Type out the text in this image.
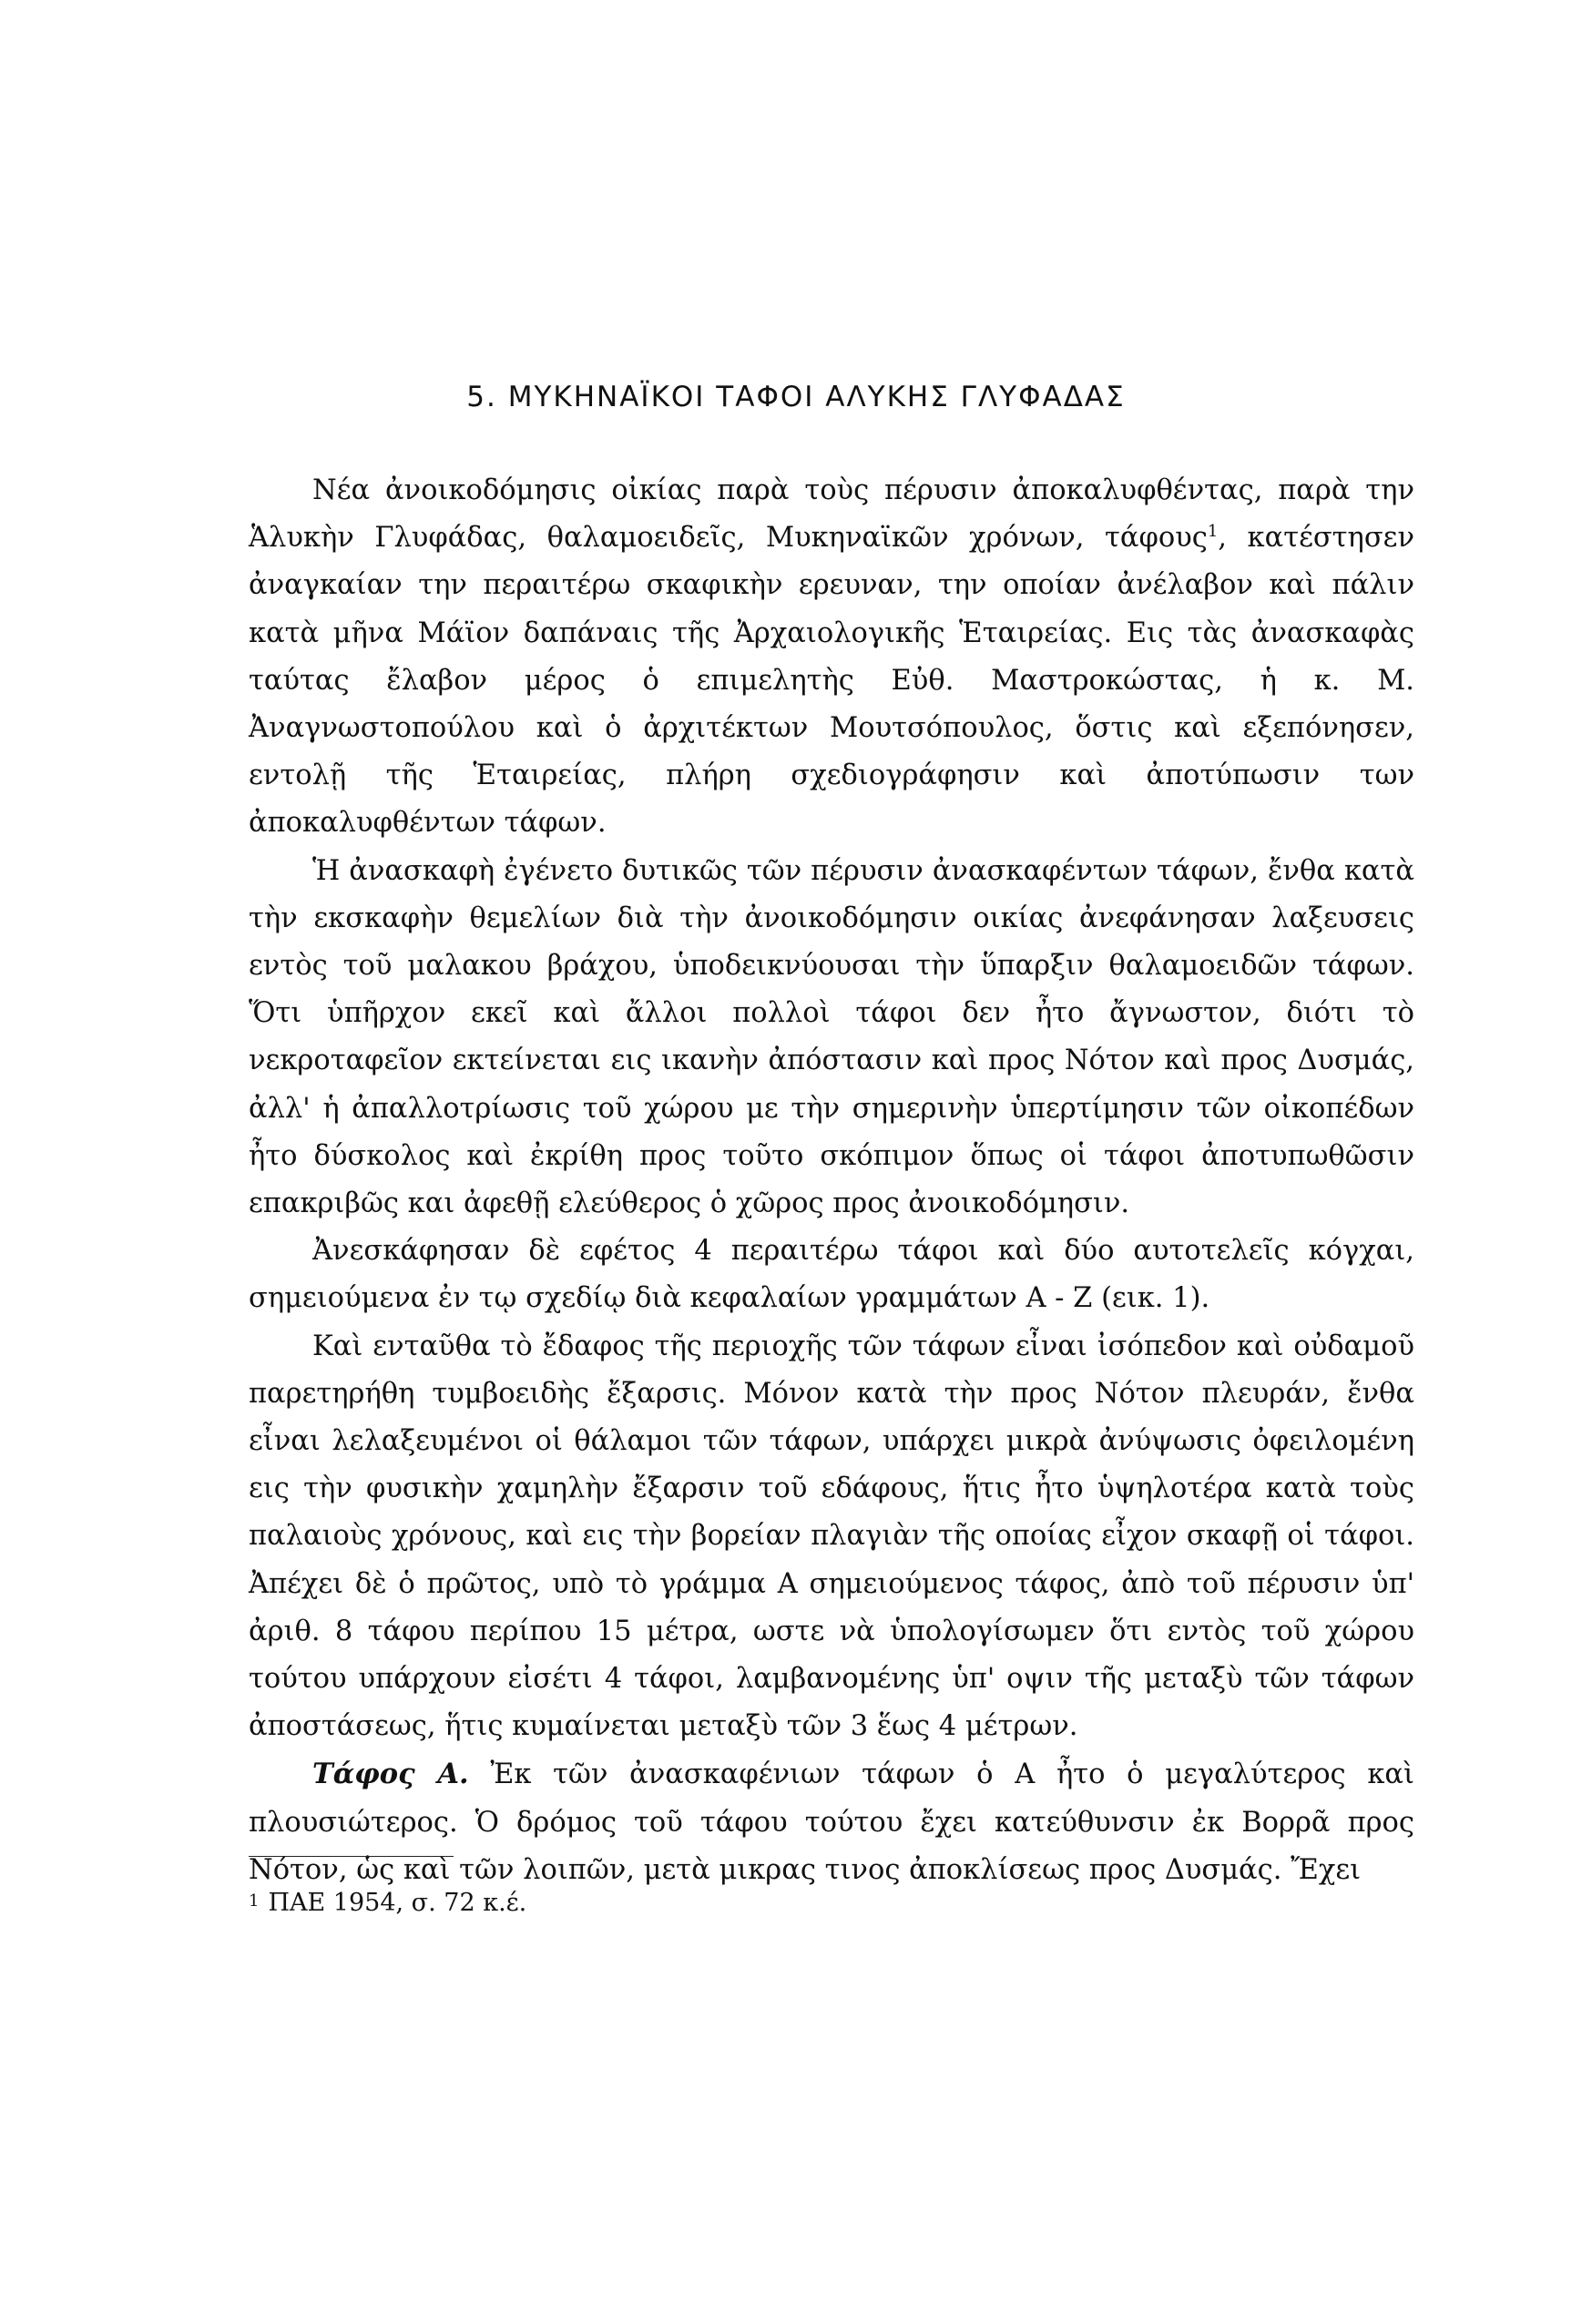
5. ΜΥΚΗΝΑΪΚΟΙ ΤΑΦΟΙ ΑΛΥΚΗΣ ΓΛΥΦΑΔΑΣ

Νέα ἀνοικοδόμησις οἰκίας παρὰ τοὺς πέρυσιν ἀποκαλυφθέντας, παρὰ την Ἁλυκὴν Γλυφάδας, θαλαμοειδεῖς, Μυκηναϊκῶν χρόνων, τάφους$^1$, κατέστησεν ἀναγκαίαν την περαιτέρω σκαφικὴν ερευναν, την οποίαν ἀνέλαβον καὶ πάλιν κατὰ μῆνα Μάϊον δαπάναις τῆς Ἀρχαιολογικῆς Ἑταιρείας. Εις τὰς ἀνασκαφὰς ταύτας ἔλαβον μέρος ὁ επιμελητὴς Εὐθ. Μαστροκώστας, ἡ κ. Μ. Ἀναγνωστοπούλου καὶ ὁ ἀρχιτέκτων Μουτσόπουλος, ὅστις καὶ εξεπόνησεν, εντολῇ τῆς Ἑταιρείας, πλήρη σχεδιογράφησιν καὶ ἀποτύπωσιν των ἀποκαλυφθέντων τάφων.

Ἡ ἀνασκαφὴ ἐγένετο δυτικῶς τῶν πέρυσιν ἀνασκαφέντων τάφων, ἔνθα κατὰ τὴν εκσκαφὴν θεμελίων διὰ τὴν ἀνοικοδόμησιν οικίας ἀνεφάνησαν λαξευσεις εντὸς τοῦ μαλακου βράχου, ὑποδεικνύουσαι τὴν ὕπαρξιν θαλαμοειδῶν τάφων. Ὅτι ὑπῆρχον εκεῖ καὶ ἄλλοι πολλοὶ τάφοι δεν ἦτο ἄγνωστον, διότι τὸ νεκροταφεῖον εκτείνεται εις ικανὴν ἀπόστασιν καὶ προς Νότον καὶ προς Δυσμάς, ἀλλ' ἡ ἀπαλλοτρίωσις τοῦ χώρου με τὴν σημερινὴν ὑπερτίμησιν τῶν οἰκοπέδων ἦτο δύσκολος καὶ ἐκρίθη προς τοῦτο σκόπιμον ὅπως οἱ τάφοι ἀποτυπωθῶσιν επακριβῶς και ἀφεθῇ ελεύθερος ὁ χῶρος προς ἀνοικοδόμησιν.

Ἀνεσκάφησαν δὲ εφέτος 4 περαιτέρω τάφοι καὶ δύο αυτοτελεῖς κόγχαι, σημειούμενα ἐν τῳ σχεδίῳ διὰ κεφαλαίων γραμμάτων Α - Ζ (εικ. 1).

Καὶ ενταῦθα τὸ ἔδαφος τῆς περιοχῆς τῶν τάφων εἶναι ἰσόπεδον καὶ οὐδαμοῦ παρετηρήθη τυμβοειδὴς ἔξαρσις. Μόνον κατὰ τὴν προς Νότον πλευράν, ἔνθα εἶναι λελαξευμένοι οἱ θάλαμοι τῶν τάφων, υπάρχει μικρὰ ἀνύψωσις ὀφειλομένη εις τὴν φυσικὴν χαμηλὴν ἔξαρσιν τοῦ εδάφους, ἥτις ἦτο ὑψηλοτέρα κατὰ τοὺς παλαιοὺς χρόνους, καὶ εις τὴν βορείαν πλαγιὰν τῆς οποίας εἶχον σκαφῇ οἱ τάφοι. Ἀπέχει δὲ ὁ πρῶτος, υπὸ τὸ γράμμα Α σημειούμενος τάφος, ἀπὸ τοῦ πέρυσιν ὑπ' ἀριθ. 8 τάφου περίπου 15 μέτρα, ωστε νὰ ὑπολογίσωμεν ὅτι εντὸς τοῦ χώρου τούτου υπάρχουν εἰσέτι 4 τάφοι, λαμβανομένης ὑπ' οψιν τῆς μεταξὺ τῶν τάφων ἀποστάσεως, ἥτις κυμαίνεται μεταξὺ τῶν 3 ἕως 4 μέτρων.

Τάφος Α. Ἐκ τῶν ἀνασκαφένιων τάφων ὁ Α ἦτο ὁ μεγαλύτερος καὶ πλουσιώτερος. Ὁ δρόμος τοῦ τάφου τούτου ἔχει κατεύθυνσιν ἐκ Βορρᾶ προς Νότον, ὡς καὶ τῶν λοιπῶν, μετὰ μικρας τινος ἀποκλίσεως προς Δυσμάς. Ἔχει

$^1$ ΠΑΕ 1954, σ. 72 κ.έ.
